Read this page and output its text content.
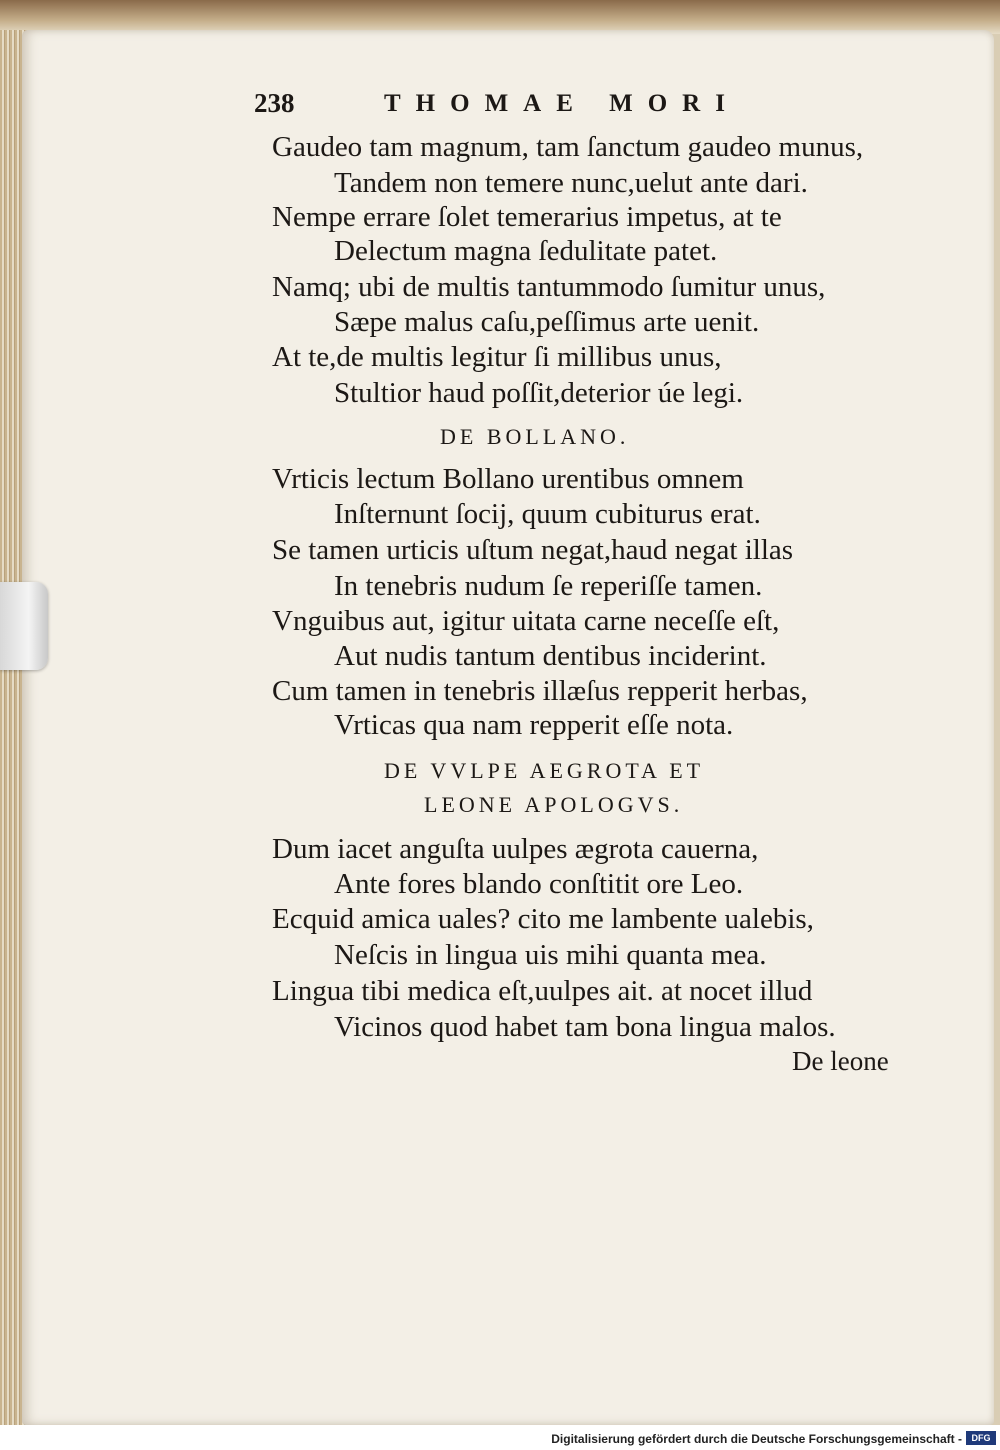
238	THOMAE MORI
Gaudeo tam magnum, tam ſanctum gaudeo munus,
Tandem non temere nunc,uelut ante dari.
Nempe errare ſolet temerarius impetus, at te
Delectum magna ſedulitate patet.
Namq; ubi de multis tantummodo ſumitur unus,
Sæpe malus caſu,peſſimus arte uenit.
At te,de multis legitur ſi millibus unus,
Stultior haud poſſit,deterior úe legi.
DE BOLLANO.
Vrticis lectum Bollano urentibus omnem
Inſternunt ſocij, quum cubiturus erat.
Se tamen urticis uſtum negat,haud negat illas
In tenebris nudum ſe reperiſſe tamen.
Vnguibus aut, igitur uitata carne neceſſe eſt,
Aut nudis tantum dentibus inciderint.
Cum tamen in tenebris illæſus repperit herbas,
Vrticas qua nam repperit eſſe nota.
DE VVLPE AEGROTA ET
LEONE APOLOGVS.
Dum iacet anguſta uulpes ægrota cauerna,
Ante fores blando conſtitit ore Leo.
Ecquid amica uales? cito me lambente ualebis,
Neſcis in lingua uis mihi quanta mea.
Lingua tibi medica eſt,uulpes ait. at nocet illud
Vicinos quod habet tam bona lingua malos.
De leone
Digitalisierung gefördert durch die Deutsche Forschungsgemeinschaft -	DFG
